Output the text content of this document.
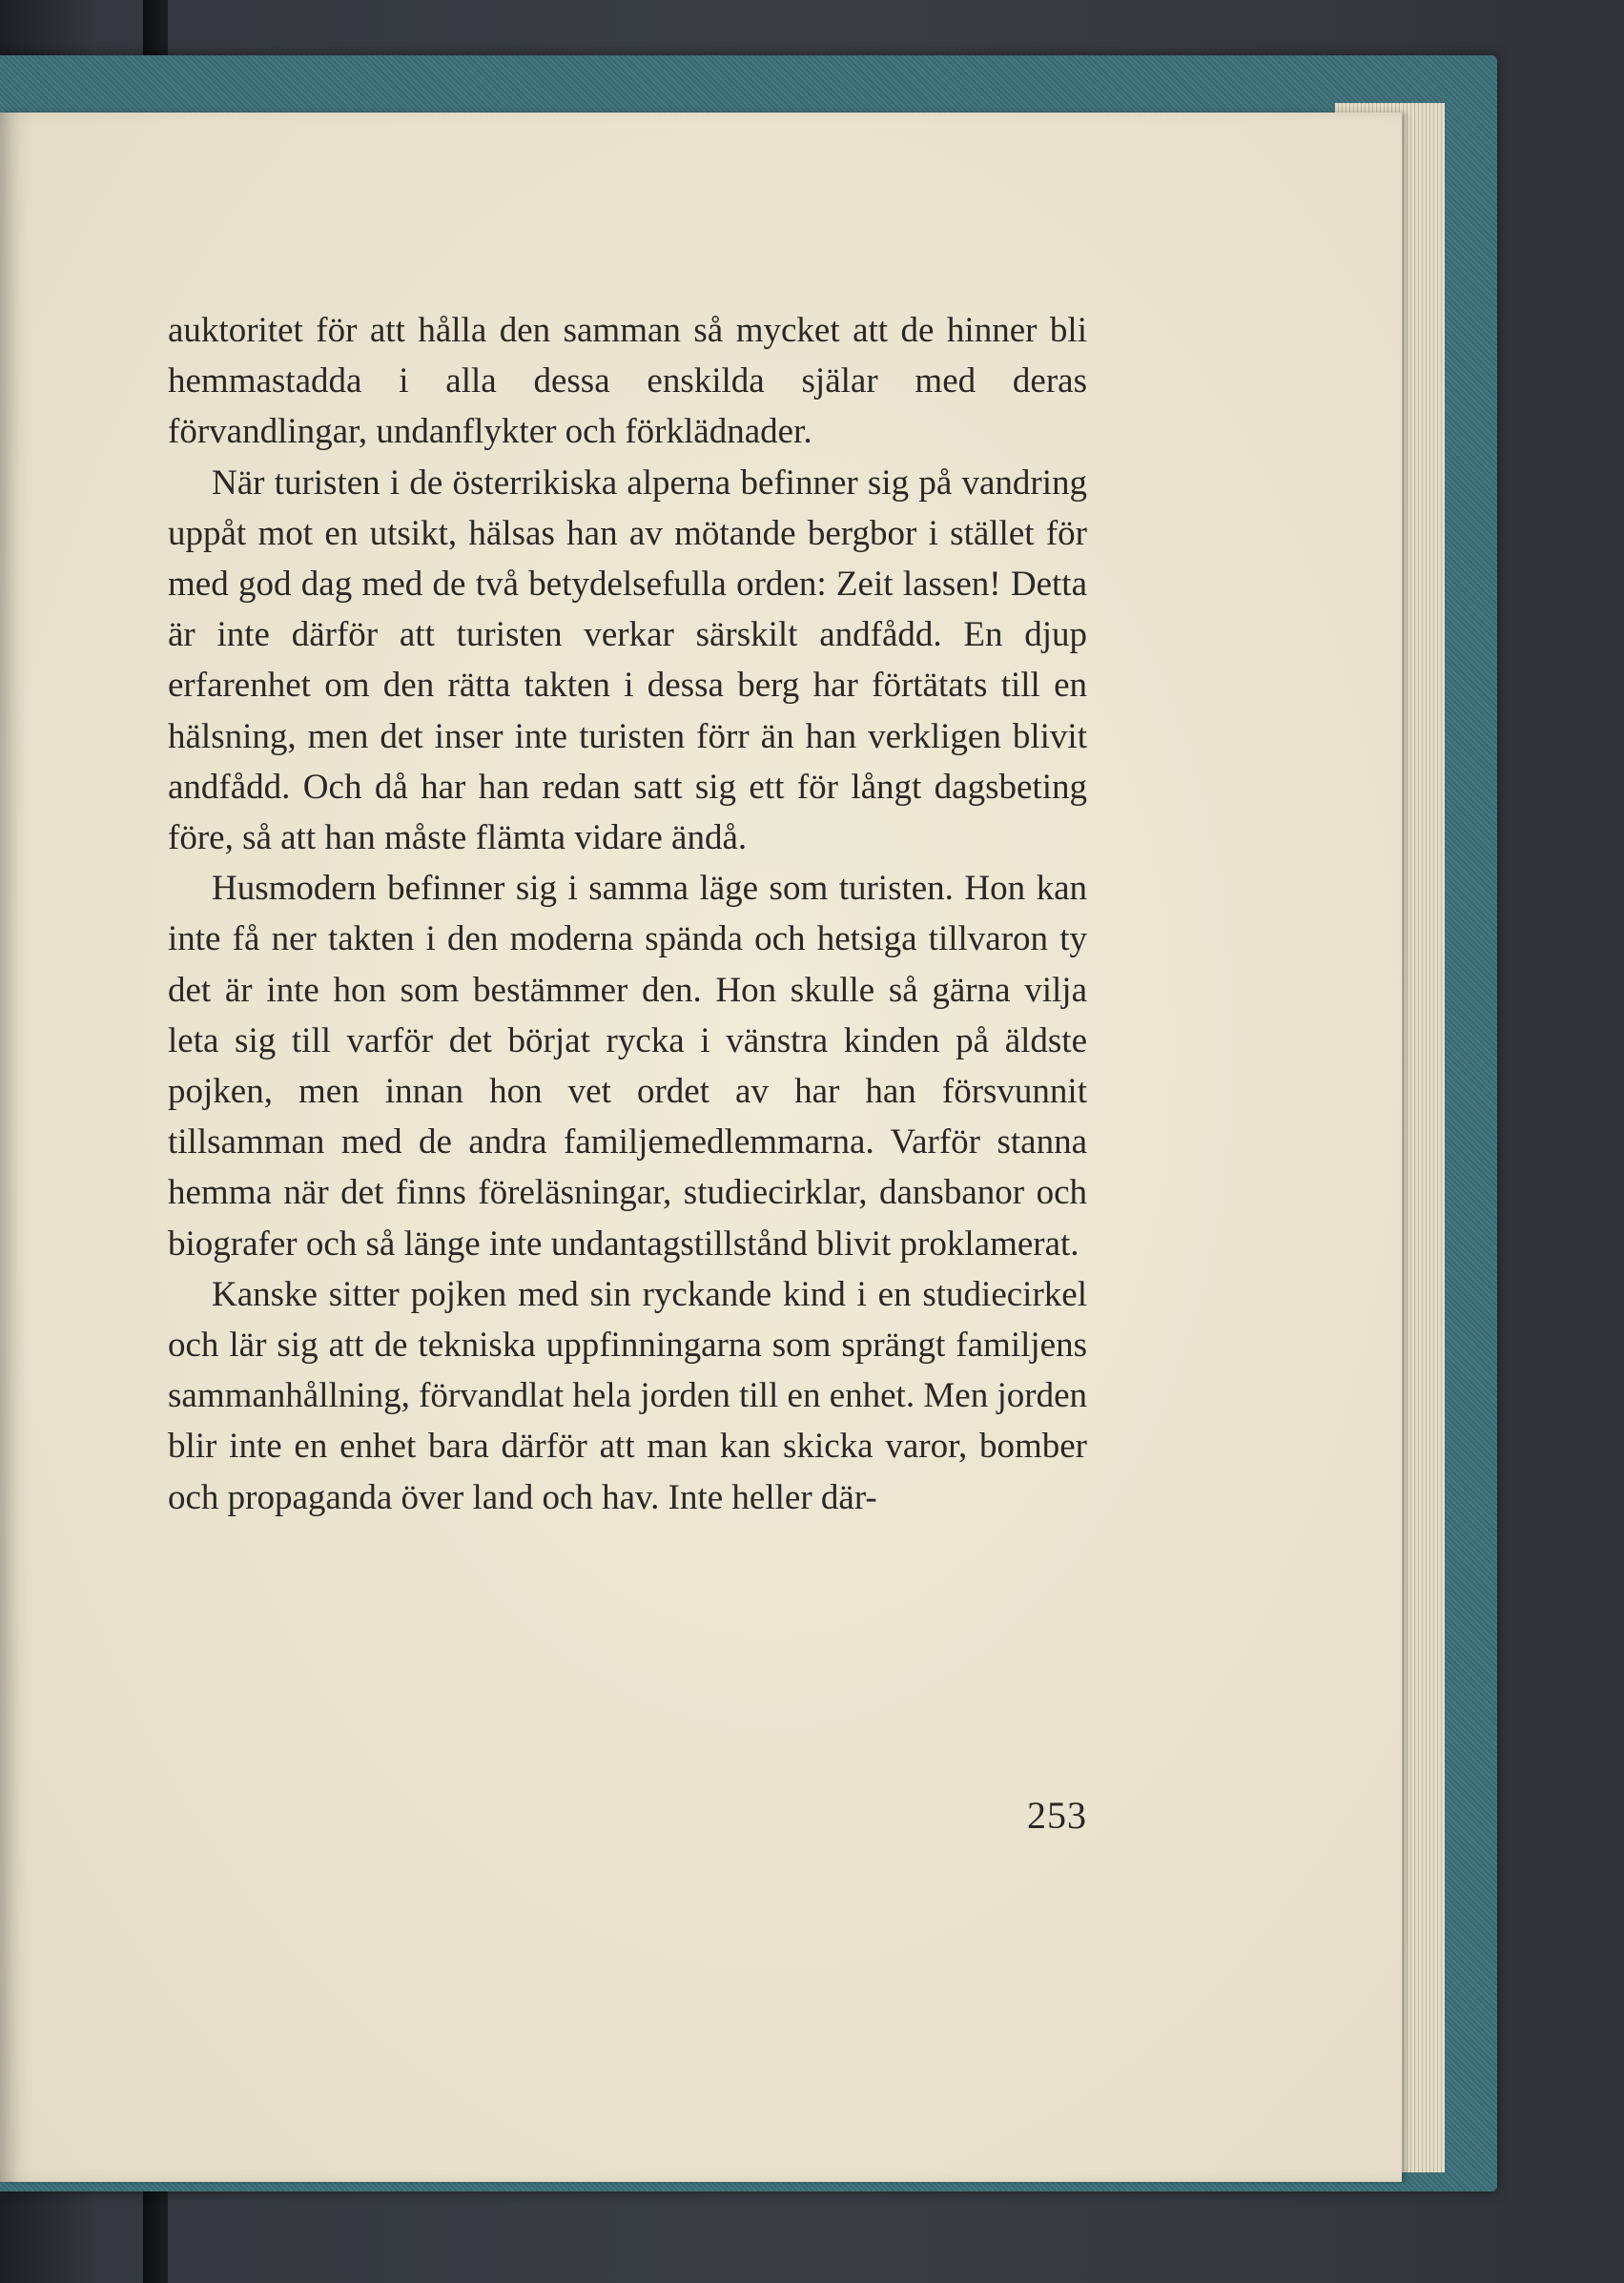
auktoritet för att hålla den samman så mycket att de hinner bli hemmastadda i alla dessa enskilda själar med deras förvandlingar, undanflykter och förklädnader.

När turisten i de österrikiska alperna befinner sig på vandring uppåt mot en utsikt, hälsas han av mötande bergbor i stället för med god dag med de två betydelsefulla orden: Zeit lassen! Detta är inte därför att turisten verkar särskilt andfådd. En djup erfarenhet om den rätta takten i dessa berg har förtätats till en hälsning, men det inser inte turisten förr än han verkligen blivit andfådd. Och då har han redan satt sig ett för långt dagsbeting före, så att han måste flämta vidare ändå.

Husmodern befinner sig i samma läge som turisten. Hon kan inte få ner takten i den moderna spända och hetsiga tillvaron ty det är inte hon som bestämmer den. Hon skulle så gärna vilja leta sig till varför det börjat rycka i vänstra kinden på äldste pojken, men innan hon vet ordet av har han försvunnit tillsamman med de andra familjemedlemmarna. Varför stanna hemma när det finns föreläsningar, studiecirklar, dansbanor och biografer och så länge inte undantagstillstånd blivit proklamerat.

Kanske sitter pojken med sin ryckande kind i en studiecirkel och lär sig att de tekniska uppfinningarna som sprängt familjens sammanhållning, förvandlat hela jorden till en enhet. Men jorden blir inte en enhet bara därför att man kan skicka varor, bomber och propaganda över land och hav. Inte heller där-

253
